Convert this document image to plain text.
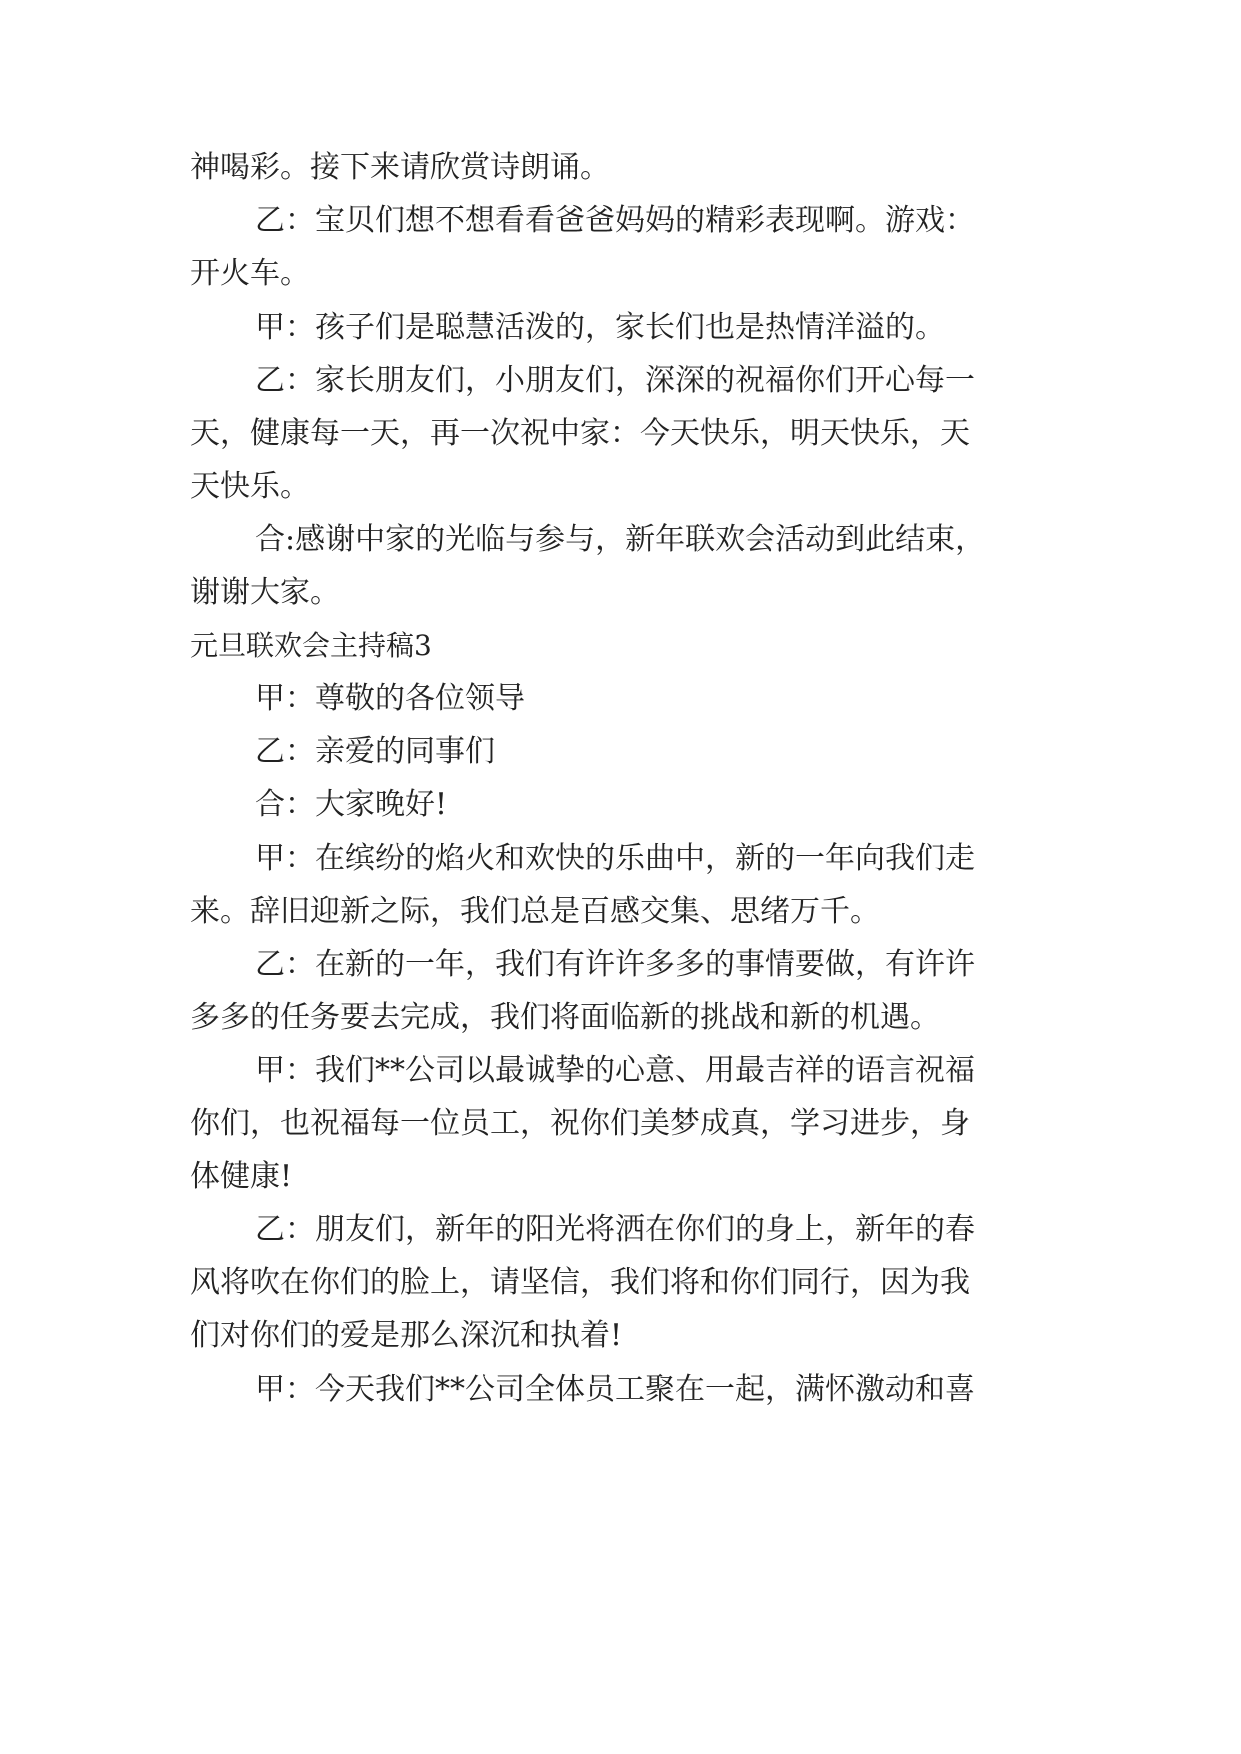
神喝彩。接下来请欣赏诗朗诵。

乙：宝贝们想不想看看爸爸妈妈的精彩表现啊。游戏：

开火车。

甲：孩子们是聪慧活泼的，家长们也是热情洋溢的。

乙：家长朋友们，小朋友们，深深的祝福你们开心每一

天，健康每一天，再一次祝中家：今天快乐，明天快乐，天

天快乐。

合:感谢中家的光临与参与，新年联欢会活动到此结束，

谢谢大家。

元旦联欢会主持稿3

甲：尊敬的各位领导

乙：亲爱的同事们

合：大家晚好!

甲：在缤纷的焰火和欢快的乐曲中，新的一年向我们走

来。辞旧迎新之际，我们总是百感交集、思绪万千。

乙：在新的一年，我们有许许多多的事情要做，有许许

多多的任务要去完成，我们将面临新的挑战和新的机遇。

甲：我们**公司以最诚挚的心意、用最吉祥的语言祝福

你们，也祝福每一位员工，祝你们美梦成真，学习进步，身

体健康!

乙：朋友们，新年的阳光将洒在你们的身上，新年的春

风将吹在你们的脸上，请坚信，我们将和你们同行，因为我

们对你们的爱是那么深沉和执着!

甲：今天我们**公司全体员工聚在一起，满怀激动和喜
